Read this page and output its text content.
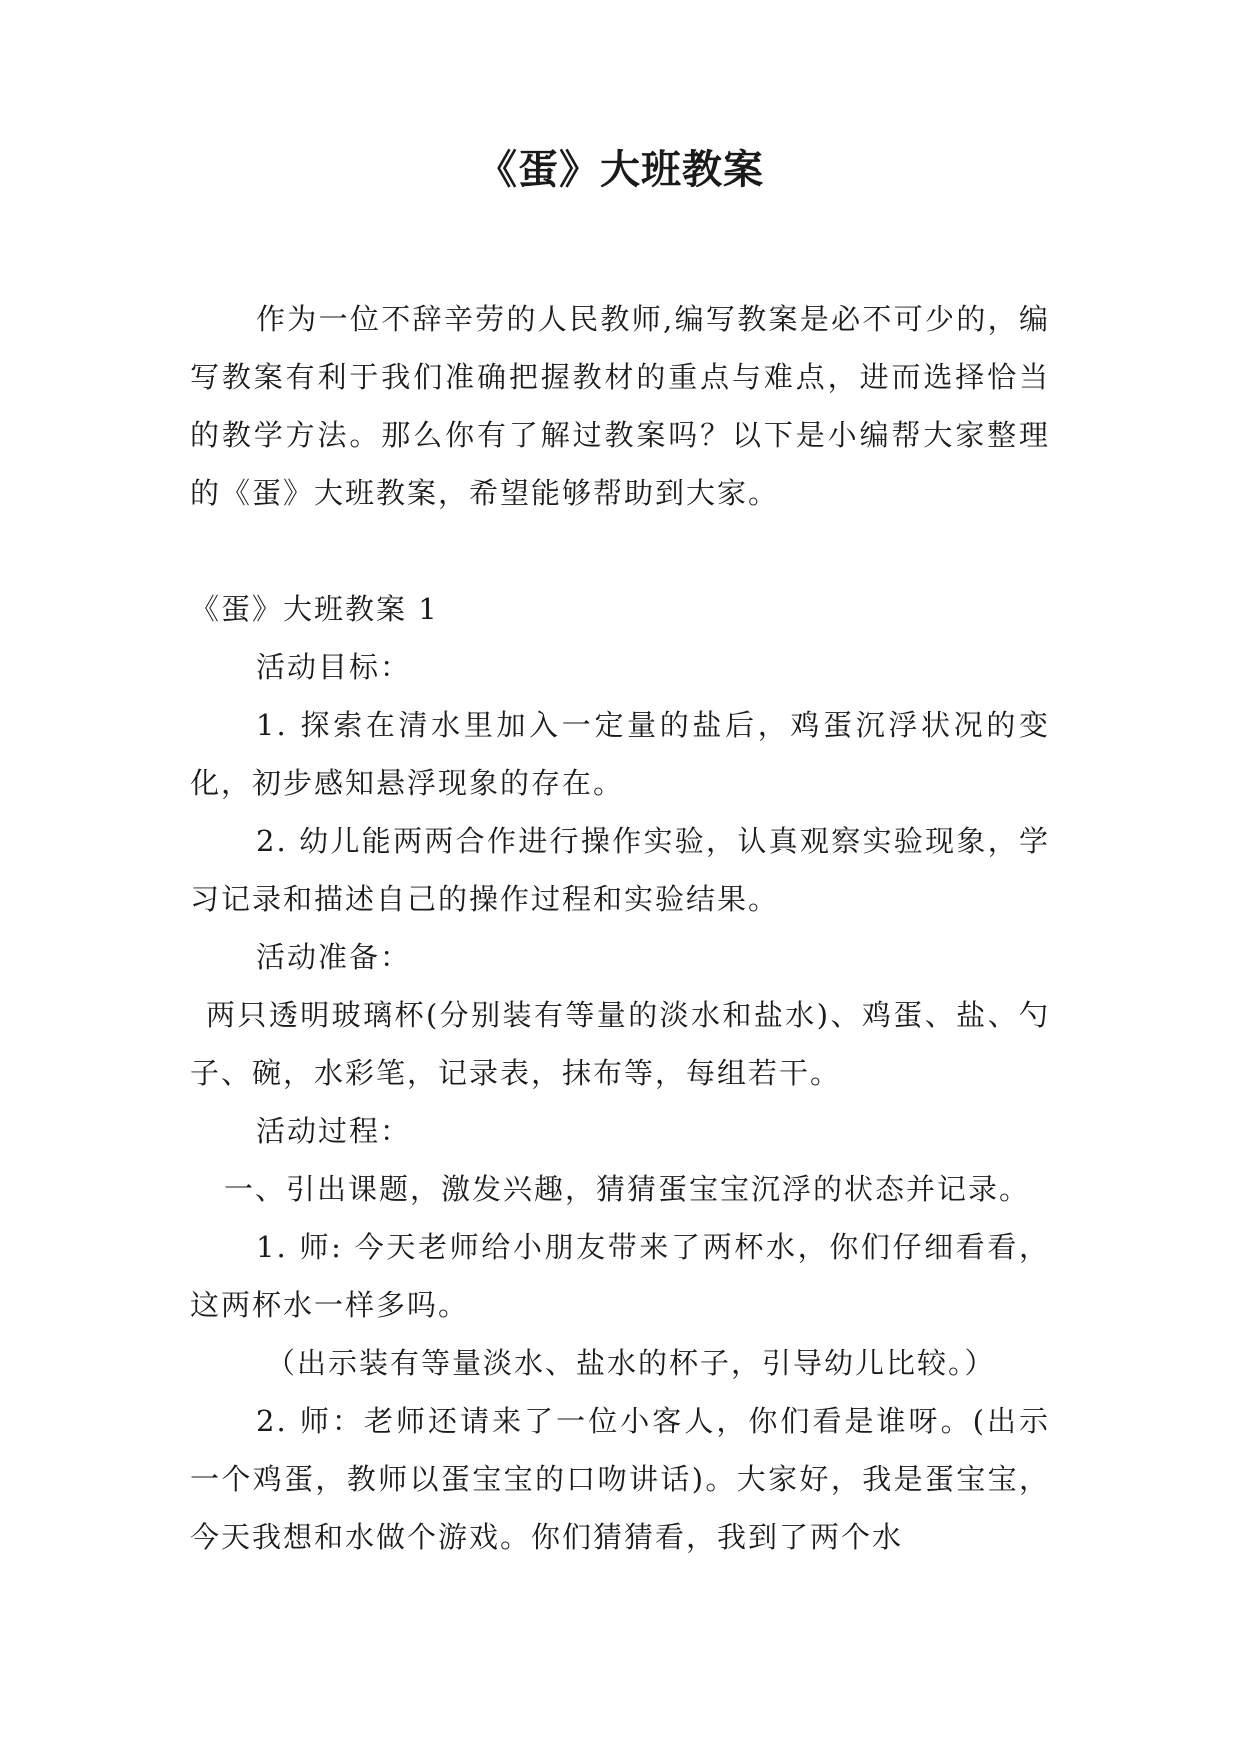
《蛋》大班教案
作为一位不辞辛劳的人民教师,编写教案是必不可少的，编写教案有利于我们准确把握教材的重点与难点，进而选择恰当的教学方法。那么你有了解过教案吗？以下是小编帮大家整理的《蛋》大班教案，希望能够帮助到大家。

《蛋》大班教案 1

活动目标：

1. 探索在清水里加入一定量的盐后，鸡蛋沉浮状况的变化，初步感知悬浮现象的存在。

2. 幼儿能两两合作进行操作实验，认真观察实验现象，学习记录和描述自己的操作过程和实验结果。

活动准备：

两只透明玻璃杯(分别装有等量的淡水和盐水)、鸡蛋、盐、勺子、碗，水彩笔，记录表，抹布等，每组若干。

活动过程：

一、引出课题，激发兴趣，猜猜蛋宝宝沉浮的状态并记录。

1. 师: 今天老师给小朋友带来了两杯水，你们仔细看看，这两杯水一样多吗。

（出示装有等量淡水、盐水的杯子，引导幼儿比较。）

2. 师：老师还请来了一位小客人，你们看是谁呀。(出示一个鸡蛋，教师以蛋宝宝的口吻讲话)。大家好，我是蛋宝宝，今天我想和水做个游戏。你们猜猜看，我到了两个水
